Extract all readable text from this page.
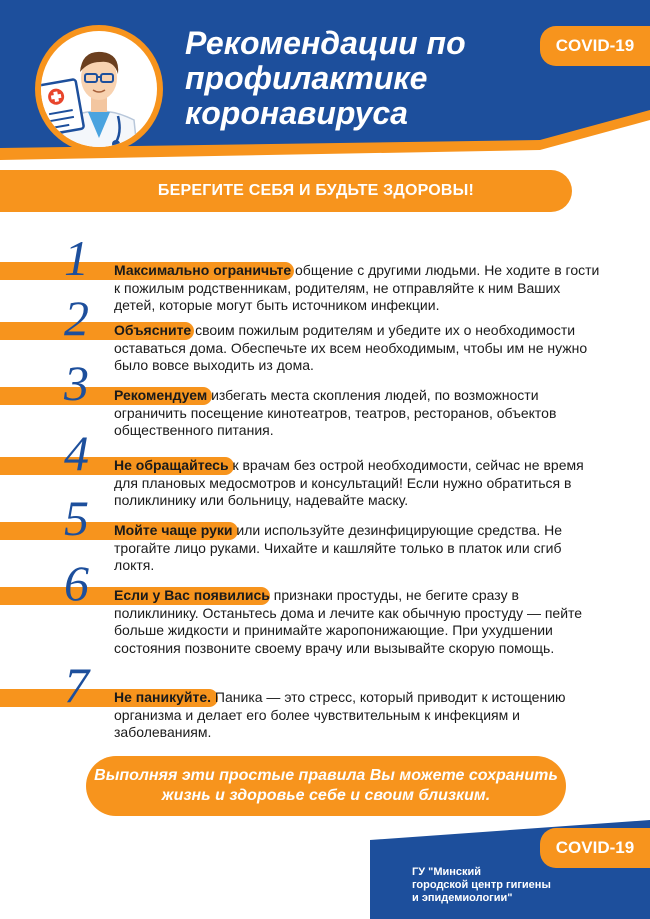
Рекомендации по
профилактике
коронавируса
COVID-19
БЕРЕГИТЕ СЕБЯ И БУДЬТЕ ЗДОРОВЫ!
1 Максимально ограничьте общение с другими людьми. Не ходите в гости к пожилым родственникам, родителям, не отправляйте к ним Ваших детей, которые могут быть источником инфекции.
2 Объясните своим пожилым родителям и убедите их о необходимости оставаться дома. Обеспечьте их всем необходимым, чтобы им не нужно было вовсе выходить из дома.
3 Рекомендуем избегать места скопления людей, по возможности ограничить посещение кинотеатров, театров, ресторанов, объектов общественного питания.
4 Не обращайтесь к врачам без острой необходимости, сейчас не время для плановых медосмотров и консультаций! Если нужно обратиться в поликлинику или больницу, надевайте маску.
5 Мойте чаще руки или используйте дезинфицирующие средства. Не трогайте лицо руками. Чихайте и кашляйте только в платок или сгиб локтя.
6 Если у Вас появились признаки простуды, не бегите сразу в поликлинику. Останьтесь дома и лечите как обычную простуду — пейте больше жидкости и принимайте жаропонижающие. При ухудшении состояния позвоните своему врачу или вызывайте скорую помощь.
7 Не паникуйте. Паника — это стресс, который приводит к истощению организма и делает его более чувствительным к инфекциям и заболеваниям.
Выполняя эти простые правила Вы можете сохранить жизнь и здоровье себе и своим близким.
COVID-19
ГУ "Минский
городской центр гигиены
и эпидемиологии"
